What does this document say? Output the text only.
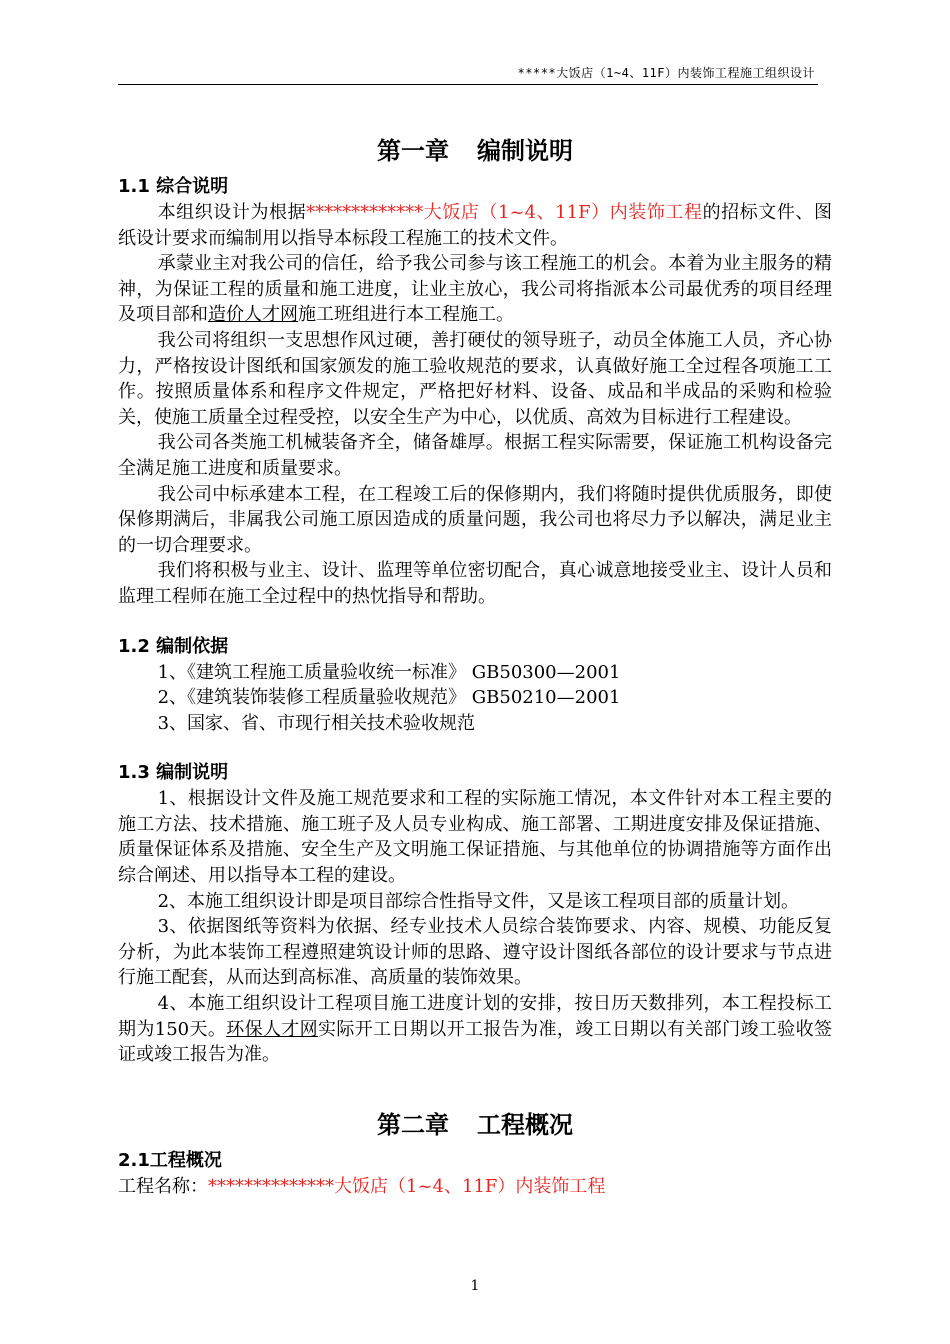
*****大饭店（1~4、11F）内装饰工程施工组织设计
第一章 编制说明
1.1 综合说明

本组织设计为根据*************大饭店（1~4、11F）内装饰工程的招标文件、图纸设计要求而编制用以指导本标段工程施工的技术文件。

承蒙业主对我公司的信任，给予我公司参与该工程施工的机会。本着为业主服务的精神，为保证工程的质量和施工进度，让业主放心，我公司将指派本公司最优秀的项目经理及项目部和造价人才网施工班组进行本工程施工。

我公司将组织一支思想作风过硬，善打硬仗的领导班子，动员全体施工人员，齐心协力，严格按设计图纸和国家颁发的施工验收规范的要求，认真做好施工全过程各项施工工作。按照质量体系和程序文件规定，严格把好材料、设备、成品和半成品的采购和检验关，使施工质量全过程受控，以安全生产为中心，以优质、高效为目标进行工程建设。

我公司各类施工机械装备齐全，储备雄厚。根据工程实际需要，保证施工机构设备完全满足施工进度和质量要求。

我公司中标承建本工程，在工程竣工后的保修期内，我们将随时提供优质服务，即使保修期满后，非属我公司施工原因造成的质量问题，我公司也将尽力予以解决，满足业主的一切合理要求。

我们将积极与业主、设计、监理等单位密切配合，真心诚意地接受业主、设计人员和监理工程师在施工全过程中的热忱指导和帮助。

1.2 编制依据

1、《建筑工程施工质量验收统一标准》 GB50300—2001

2、《建筑装饰装修工程质量验收规范》 GB50210—2001

3、国家、省、市现行相关技术验收规范

1.3 编制说明

1、根据设计文件及施工规范要求和工程的实际施工情况，本文件针对本工程主要的施工方法、技术措施、施工班子及人员专业构成、施工部署、工期进度安排及保证措施、质量保证体系及措施、安全生产及文明施工保证措施、与其他单位的协调措施等方面作出综合阐述、用以指导本工程的建设。

2、本施工组织设计即是项目部综合性指导文件，又是该工程项目部的质量计划。

3、依据图纸等资料为依据、经专业技术人员综合装饰要求、内容、规模、功能反复分析，为此本装饰工程遵照建筑设计师的思路、遵守设计图纸各部位的设计要求与节点进行施工配套，从而达到高标准、高质量的装饰效果。

4、本施工组织设计工程项目施工进度计划的安排，按日历天数排列，本工程投标工期为150天。环保人才网实际开工日期以开工报告为准，竣工日期以有关部门竣工验收签证或竣工报告为准。

第二章 工程概况
2.1工程概况

工程名称：**************大饭店（1~4、11F）内装饰工程

1
